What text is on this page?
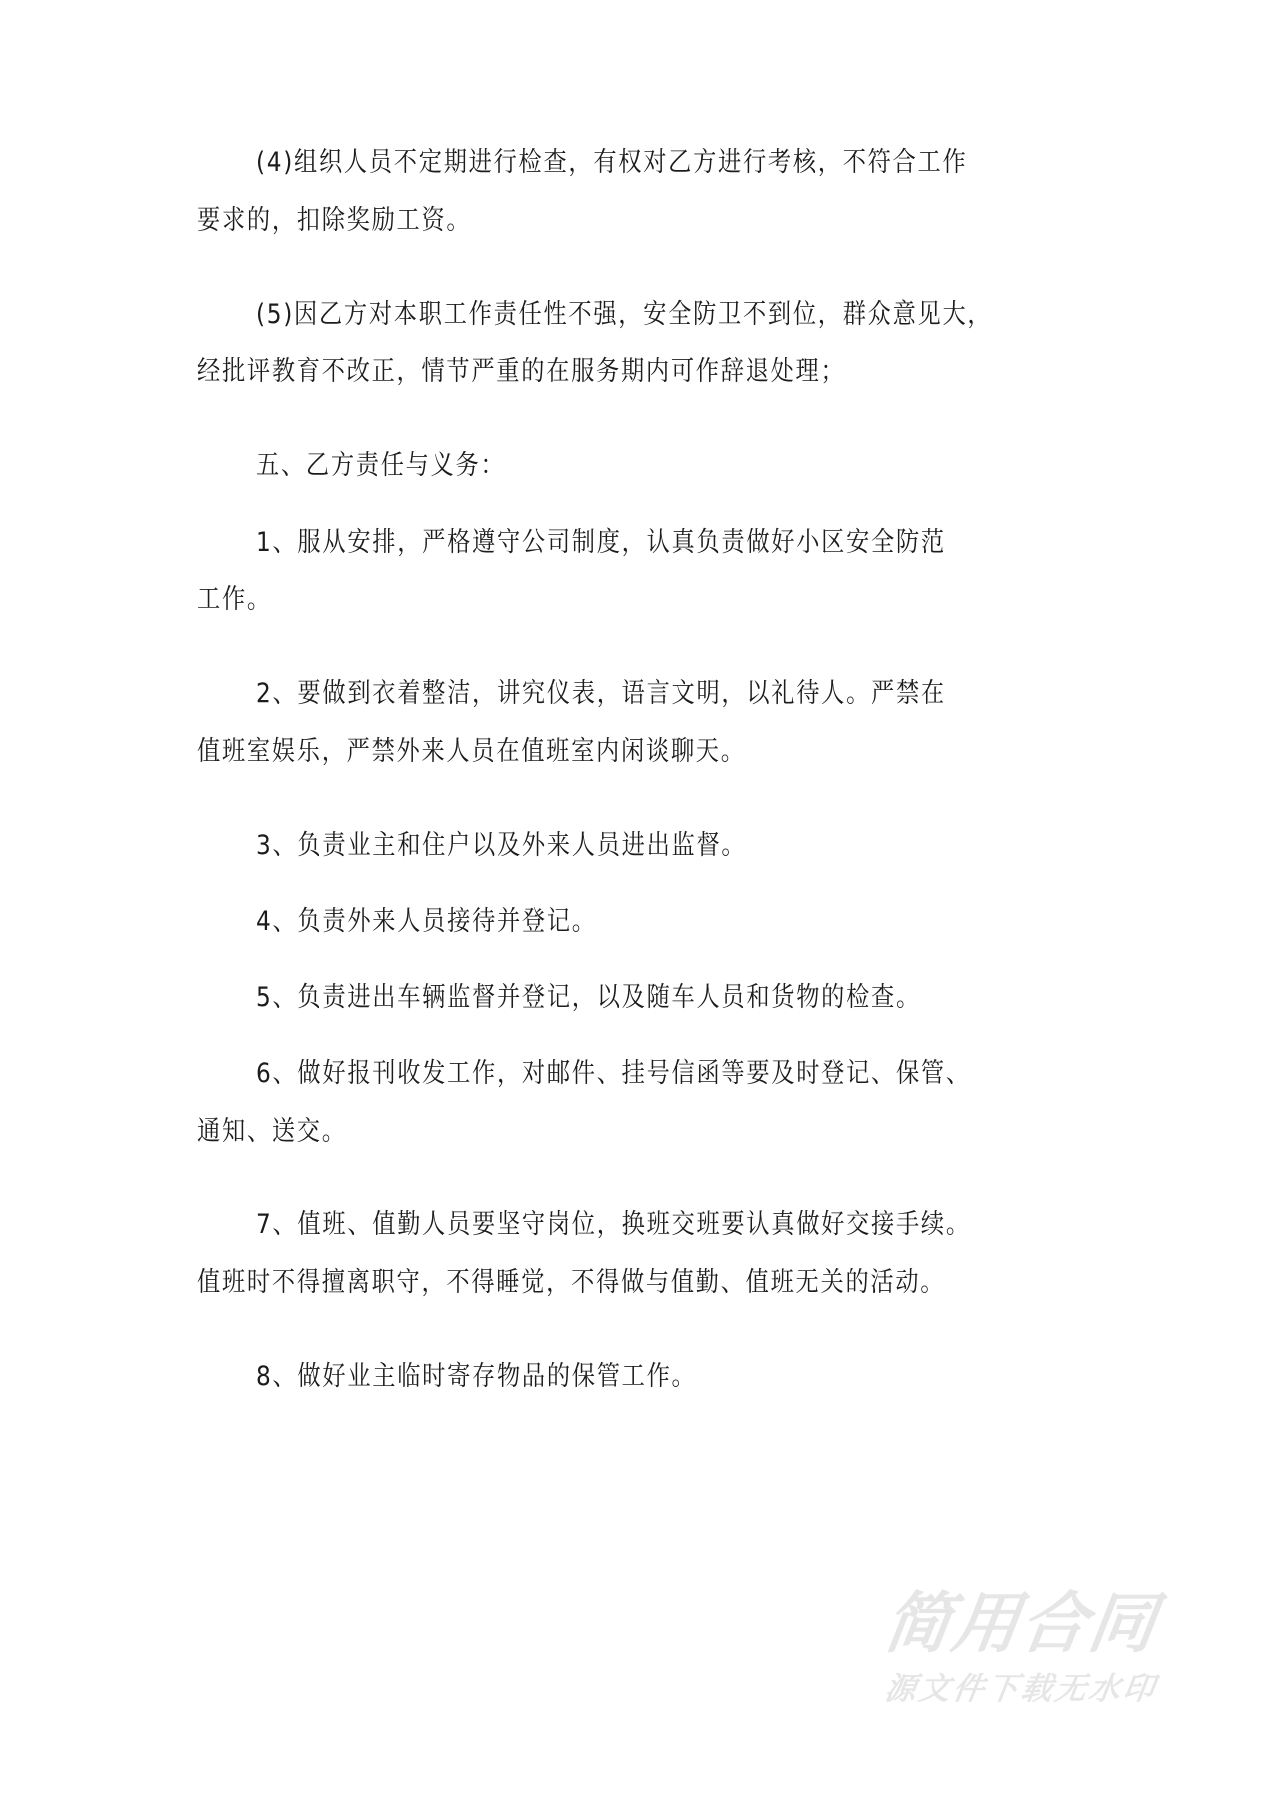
(4)组织人员不定期进行检查，有权对乙方进行考核，不符合工作
要求的，扣除奖励工资。
(5)因乙方对本职工作责任性不强，安全防卫不到位，群众意见大，
经批评教育不改正，情节严重的在服务期内可作辞退处理；
五、乙方责任与义务：
1、服从安排，严格遵守公司制度，认真负责做好小区安全防范
工作。
2、要做到衣着整洁，讲究仪表，语言文明，以礼待人。严禁在
值班室娱乐，严禁外来人员在值班室内闲谈聊天。
3、负责业主和住户以及外来人员进出监督。
4、负责外来人员接待并登记。
5、负责进出车辆监督并登记，以及随车人员和货物的检查。
6、做好报刊收发工作，对邮件、挂号信函等要及时登记、保管、
通知、送交。
7、值班、值勤人员要坚守岗位，换班交班要认真做好交接手续。
值班时不得擅离职守，不得睡觉，不得做与值勤、值班无关的活动。
8、做好业主临时寄存物品的保管工作。
简用合同
源文件下载无水印
